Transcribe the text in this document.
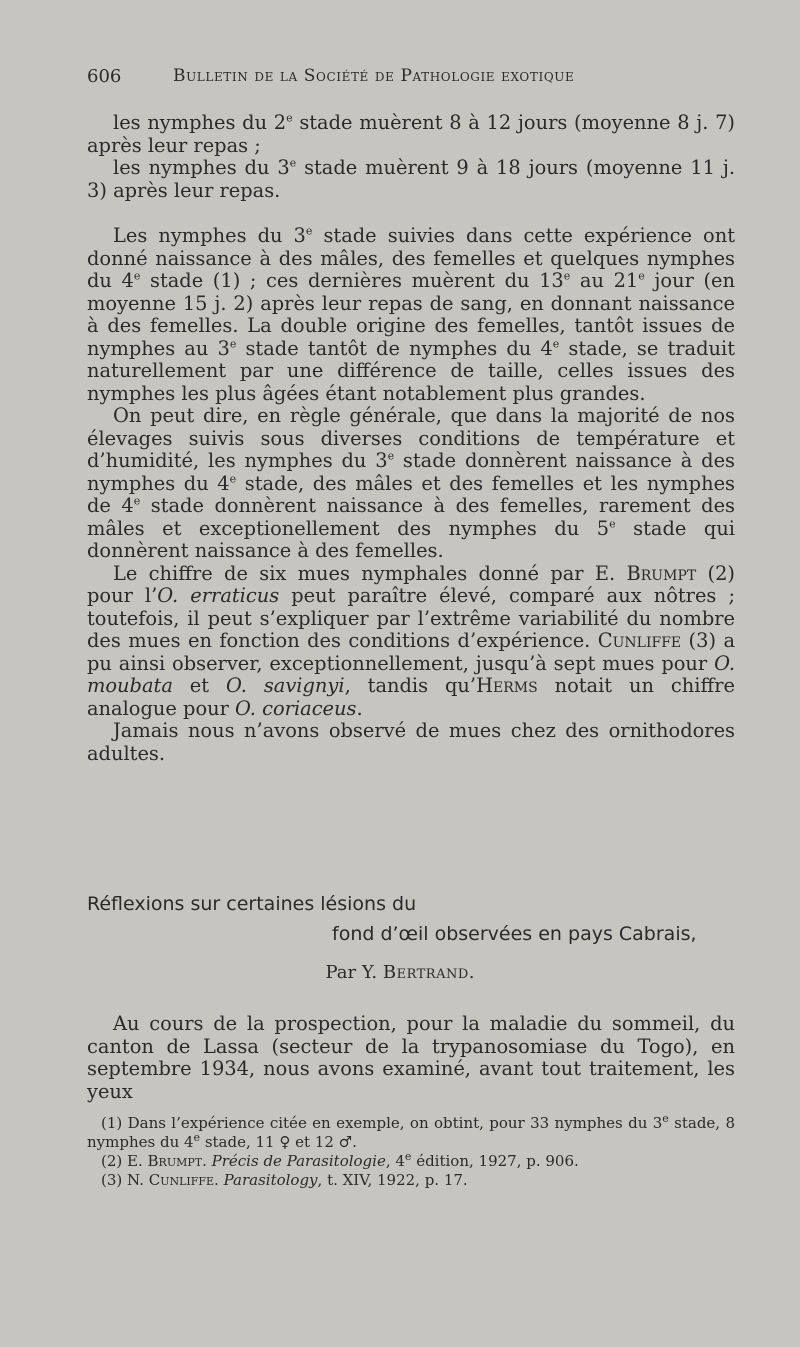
606	Bulletin de la Société de Pathologie exotique

les nymphes du 2e stade muèrent 8 à 12 jours (moyenne 8 j. 7) après leur repas ;

les nymphes du 3e stade muèrent 9 à 18 jours (moyenne 11 j. 3) après leur repas.

Les nymphes du 3e stade suivies dans cette expérience ont donné naissance à des mâles, des femelles et quelques nymphes du 4e stade (1) ; ces dernières muèrent du 13e au 21e jour (en moyenne 15 j. 2) après leur repas de sang, en donnant naissance à des femelles. La double origine des femelles, tantôt issues de nymphes au 3e stade tantôt de nymphes du 4e stade, se traduit naturellement par une différence de taille, celles issues des nymphes les plus âgées étant notablement plus grandes.

On peut dire, en règle générale, que dans la majorité de nos élevages suivis sous diverses conditions de température et d’humidité, les nymphes du 3e stade donnèrent naissance à des nymphes du 4e stade, des mâles et des femelles et les nymphes de 4e stade donnèrent naissance à des femelles, rarement des mâles et exceptionellement des nymphes du 5e stade qui donnèrent naissance à des femelles.

Le chiffre de six mues nymphales donné par E. Brumpt (2) pour l’O. erraticus peut paraître élevé, comparé aux nôtres ; toutefois, il peut s’expliquer par l’extrême variabilité du nombre des mues en fonction des conditions d’expérience. Cunliffe (3) a pu ainsi observer, exceptionnellement, jusqu’à sept mues pour O. moubata et O. savignyi, tandis qu’Herms notait un chiffre analogue pour O. coriaceus.

Jamais nous n’avons observé de mues chez des ornithodores adultes.

Réflexions sur certaines lésions du
fond d’œil observées en pays Cabrais,
Par Y. Bertrand.

Au cours de la prospection, pour la maladie du sommeil, du canton de Lassa (secteur de la trypanosomiase du Togo), en septembre 1934, nous avons examiné, avant tout traitement, les yeux

(1) Dans l’expérience citée en exemple, on obtint, pour 33 nymphes du 3e stade, 8 nymphes du 4e stade, 11 ♀ et 12 ♂.

(2) E. Brumpt. Précis de Parasitologie, 4e édition, 1927, p. 906.

(3) N. Cunliffe. Parasitology, t. XIV, 1922, p. 17.
